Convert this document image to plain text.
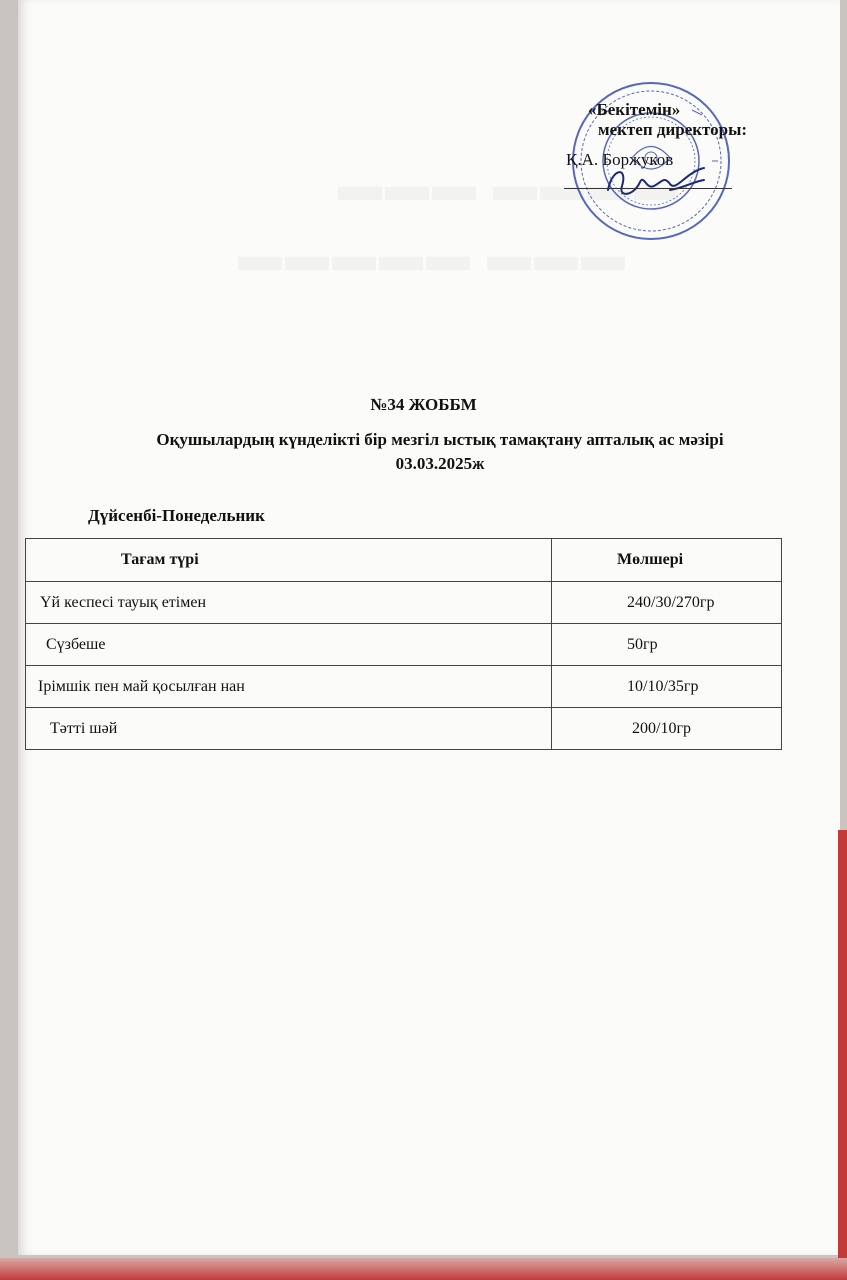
«Бекітемін»
мектеп директоры:
Қ.А. Боржуков
№34 ЖОББМ
Оқушылардың күнделікті бір мезгіл ыстық тамақтану апталық ас мәзірі
03.03.2025ж
Дүйсенбі-Понедельник
Тағам түрі	Мөлшері
Үй кеспесі тауық етімен	240/30/270гр
Сүзбеше	50гр
Ірімшік пен май қосылған нан	10/10/35гр
Тәтті шәй	200/10гр
